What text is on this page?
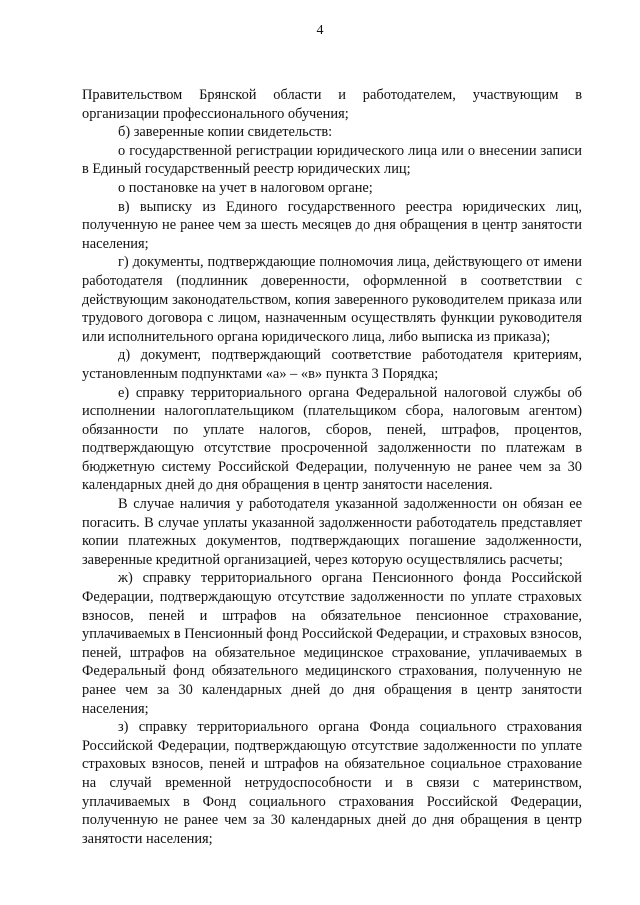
4

Правительством Брянской области и работодателем, участвующим в организации профессионального обучения;

б) заверенные копии свидетельств:

о государственной регистрации юридического лица или о внесении записи в Единый государственный реестр юридических лиц;

о постановке на учет в налоговом органе;

в) выписку из Единого государственного реестра юридических лиц, полученную не ранее чем за шесть месяцев до дня обращения в центр занятости населения;

г) документы, подтверждающие полномочия лица, действующего от имени работодателя (подлинник доверенности, оформленной в соответствии с действующим законодательством, копия заверенного руководителем приказа или трудового договора с лицом, назначенным осуществлять функции руководителя или исполнительного органа юридического лица, либо выписка из приказа);

д) документ, подтверждающий соответствие работодателя критериям, установленным подпунктами «а» – «в» пункта 3 Порядка;

е) справку территориального органа Федеральной налоговой службы об исполнении налогоплательщиком (плательщиком сбора, налоговым агентом) обязанности по уплате налогов, сборов, пеней, штрафов, процентов, подтверждающую отсутствие просроченной задолженности по платежам в бюджетную систему Российской Федерации, полученную не ранее чем за 30 календарных дней до дня обращения в центр занятости населения.

В случае наличия у работодателя указанной задолженности он обязан ее погасить. В случае уплаты указанной задолженности работодатель представляет копии платежных документов, подтверждающих погашение задолженности, заверенные кредитной организацией, через которую осуществлялись расчеты;

ж) справку территориального органа Пенсионного фонда Российской Федерации, подтверждающую отсутствие задолженности по уплате страховых взносов, пеней и штрафов на обязательное пенсионное страхование, уплачиваемых в Пенсионный фонд Российской Федерации, и страховых взносов, пеней, штрафов на обязательное медицинское страхование, уплачиваемых в Федеральный фонд обязательного медицинского страхования, полученную не ранее чем за 30 календарных дней до дня обращения в центр занятости населения;

з) справку территориального органа Фонда социального страхования Российской Федерации, подтверждающую отсутствие задолженности по уплате страховых взносов, пеней и штрафов на обязательное социальное страхование на случай временной нетрудоспособности и в связи с материнством, уплачиваемых в Фонд социального страхования Российской Федерации, полученную не ранее чем за 30 календарных дней до дня обращения в центр занятости населения;
